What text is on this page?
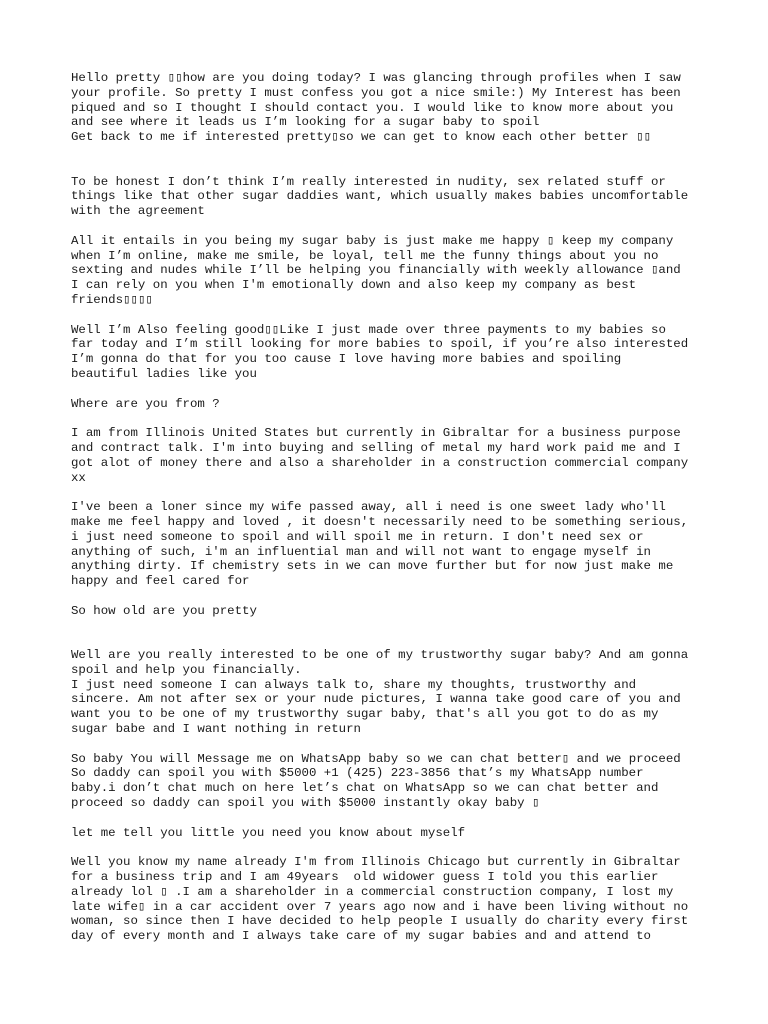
Hello pretty ▯▯how are you doing today? I was glancing through profiles when I saw
your profile. So pretty I must confess you got a nice smile:) My Interest has been
piqued and so I thought I should contact you. I would like to know more about you
and see where it leads us I’m looking for a sugar baby to spoil
Get back to me if interested pretty▯so we can get to know each other better ▯▯
To be honest I don’t think I’m really interested in nudity, sex related stuff or
things like that other sugar daddies want, which usually makes babies uncomfortable
with the agreement
All it entails in you being my sugar baby is just make me happy ▯ keep my company
when I’m online, make me smile, be loyal, tell me the funny things about you no
sexting and nudes while I’ll be helping you financially with weekly allowance ▯and
I can rely on you when I'm emotionally down and also keep my company as best
friends▯▯▯▯
Well I’m Also feeling good▯▯Like I just made over three payments to my babies so
far today and I’m still looking for more babies to spoil, if you’re also interested
I’m gonna do that for you too cause I love having more babies and spoiling
beautiful ladies like you
Where are you from ?
I am from Illinois United States but currently in Gibraltar for a business purpose
and contract talk. I'm into buying and selling of metal my hard work paid me and I
got alot of money there and also a shareholder in a construction commercial company
xx
I've been a loner since my wife passed away, all i need is one sweet lady who'll
make me feel happy and loved , it doesn't necessarily need to be something serious,
i just need someone to spoil and will spoil me in return. I don't need sex or
anything of such, i'm an influential man and will not want to engage myself in
anything dirty. If chemistry sets in we can move further but for now just make me
happy and feel cared for
So how old are you pretty
Well are you really interested to be one of my trustworthy sugar baby? And am gonna
spoil and help you financially.
I just need someone I can always talk to, share my thoughts, trustworthy and
sincere. Am not after sex or your nude pictures, I wanna take good care of you and
want you to be one of my trustworthy sugar baby, that's all you got to do as my
sugar babe and I want nothing in return
So baby You will Message me on WhatsApp baby so we can chat better▯ and we proceed
So daddy can spoil you with $5000 +1 (425) 223-3856 that’s my WhatsApp number
baby.i don’t chat much on here let’s chat on WhatsApp so we can chat better and
proceed so daddy can spoil you with $5000 instantly okay baby ▯
let me tell you little you need you know about myself
Well you know my name already I'm from Illinois Chicago but currently in Gibraltar
for a business trip and I am 49years  old widower guess I told you this earlier
already lol ▯ .I am a shareholder in a commercial construction company, I lost my
late wife▯ in a car accident over 7 years ago now and i have been living without no
woman, so since then I have decided to help people I usually do charity every first
day of every month and I always take care of my sugar babies and and attend to
